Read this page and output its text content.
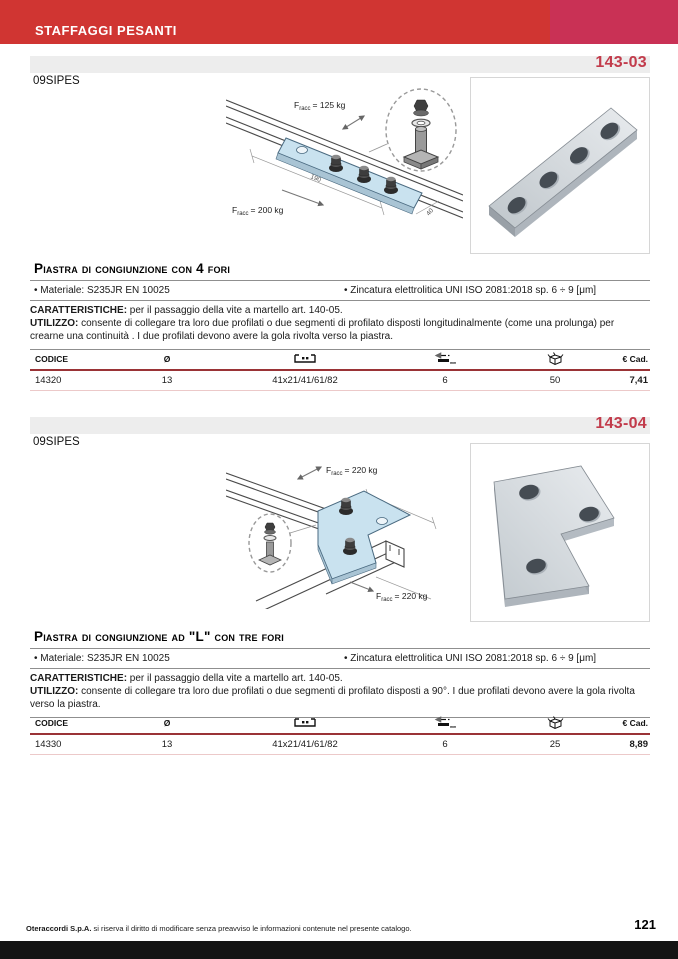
STAFFAGGI PESANTI
143-03
09SIPES
190
40
$F_{racc} = 125$ kg
$F_{racc} = 200$ kg
Piastra di congiunzione con 4 fori
• Materiale: S235JR EN 10025	• Zincatura elettrolitica UNI ISO 2081:2018 sp. 6 ÷ 9 [μm]

CARATTERISTICHE: per il passaggio della vite a martello art. 140-05.

UTILIZZO: consente di collegare tra loro due profilati o due segmenti di profilato disposti longitudinalmente (come una prolunga) per crearne una continuità . I due profilati devono avere la gola rivolta verso la piastra.

CODICE	Ø	mm	€ Cad.
14320	13	41x21/41/61/82	6	50	7,41
143-04
09SIPES
$F_{racc} = 220$ kg
$F_{racc} = 220$ kg
Piastra di congiunzione ad "L" con tre fori
• Materiale: S235JR EN 10025	• Zincatura elettrolitica UNI ISO 2081:2018 sp. 6 ÷ 9 [μm]

CARATTERISTICHE: per il passaggio della vite a martello art. 140-05.

UTILIZZO: consente di collegare tra loro due profilati o due segmenti di profilato disposti a 90°. I due profilati devono avere la gola rivolta verso la piastra.

CODICE	Ø	mm	€ Cad.
14330	13	41x21/41/61/82	6	25	8,89
Oteraccordi S.p.A. si riserva il diritto di modificare senza preavviso le informazioni contenute nel presente catalogo.	121
